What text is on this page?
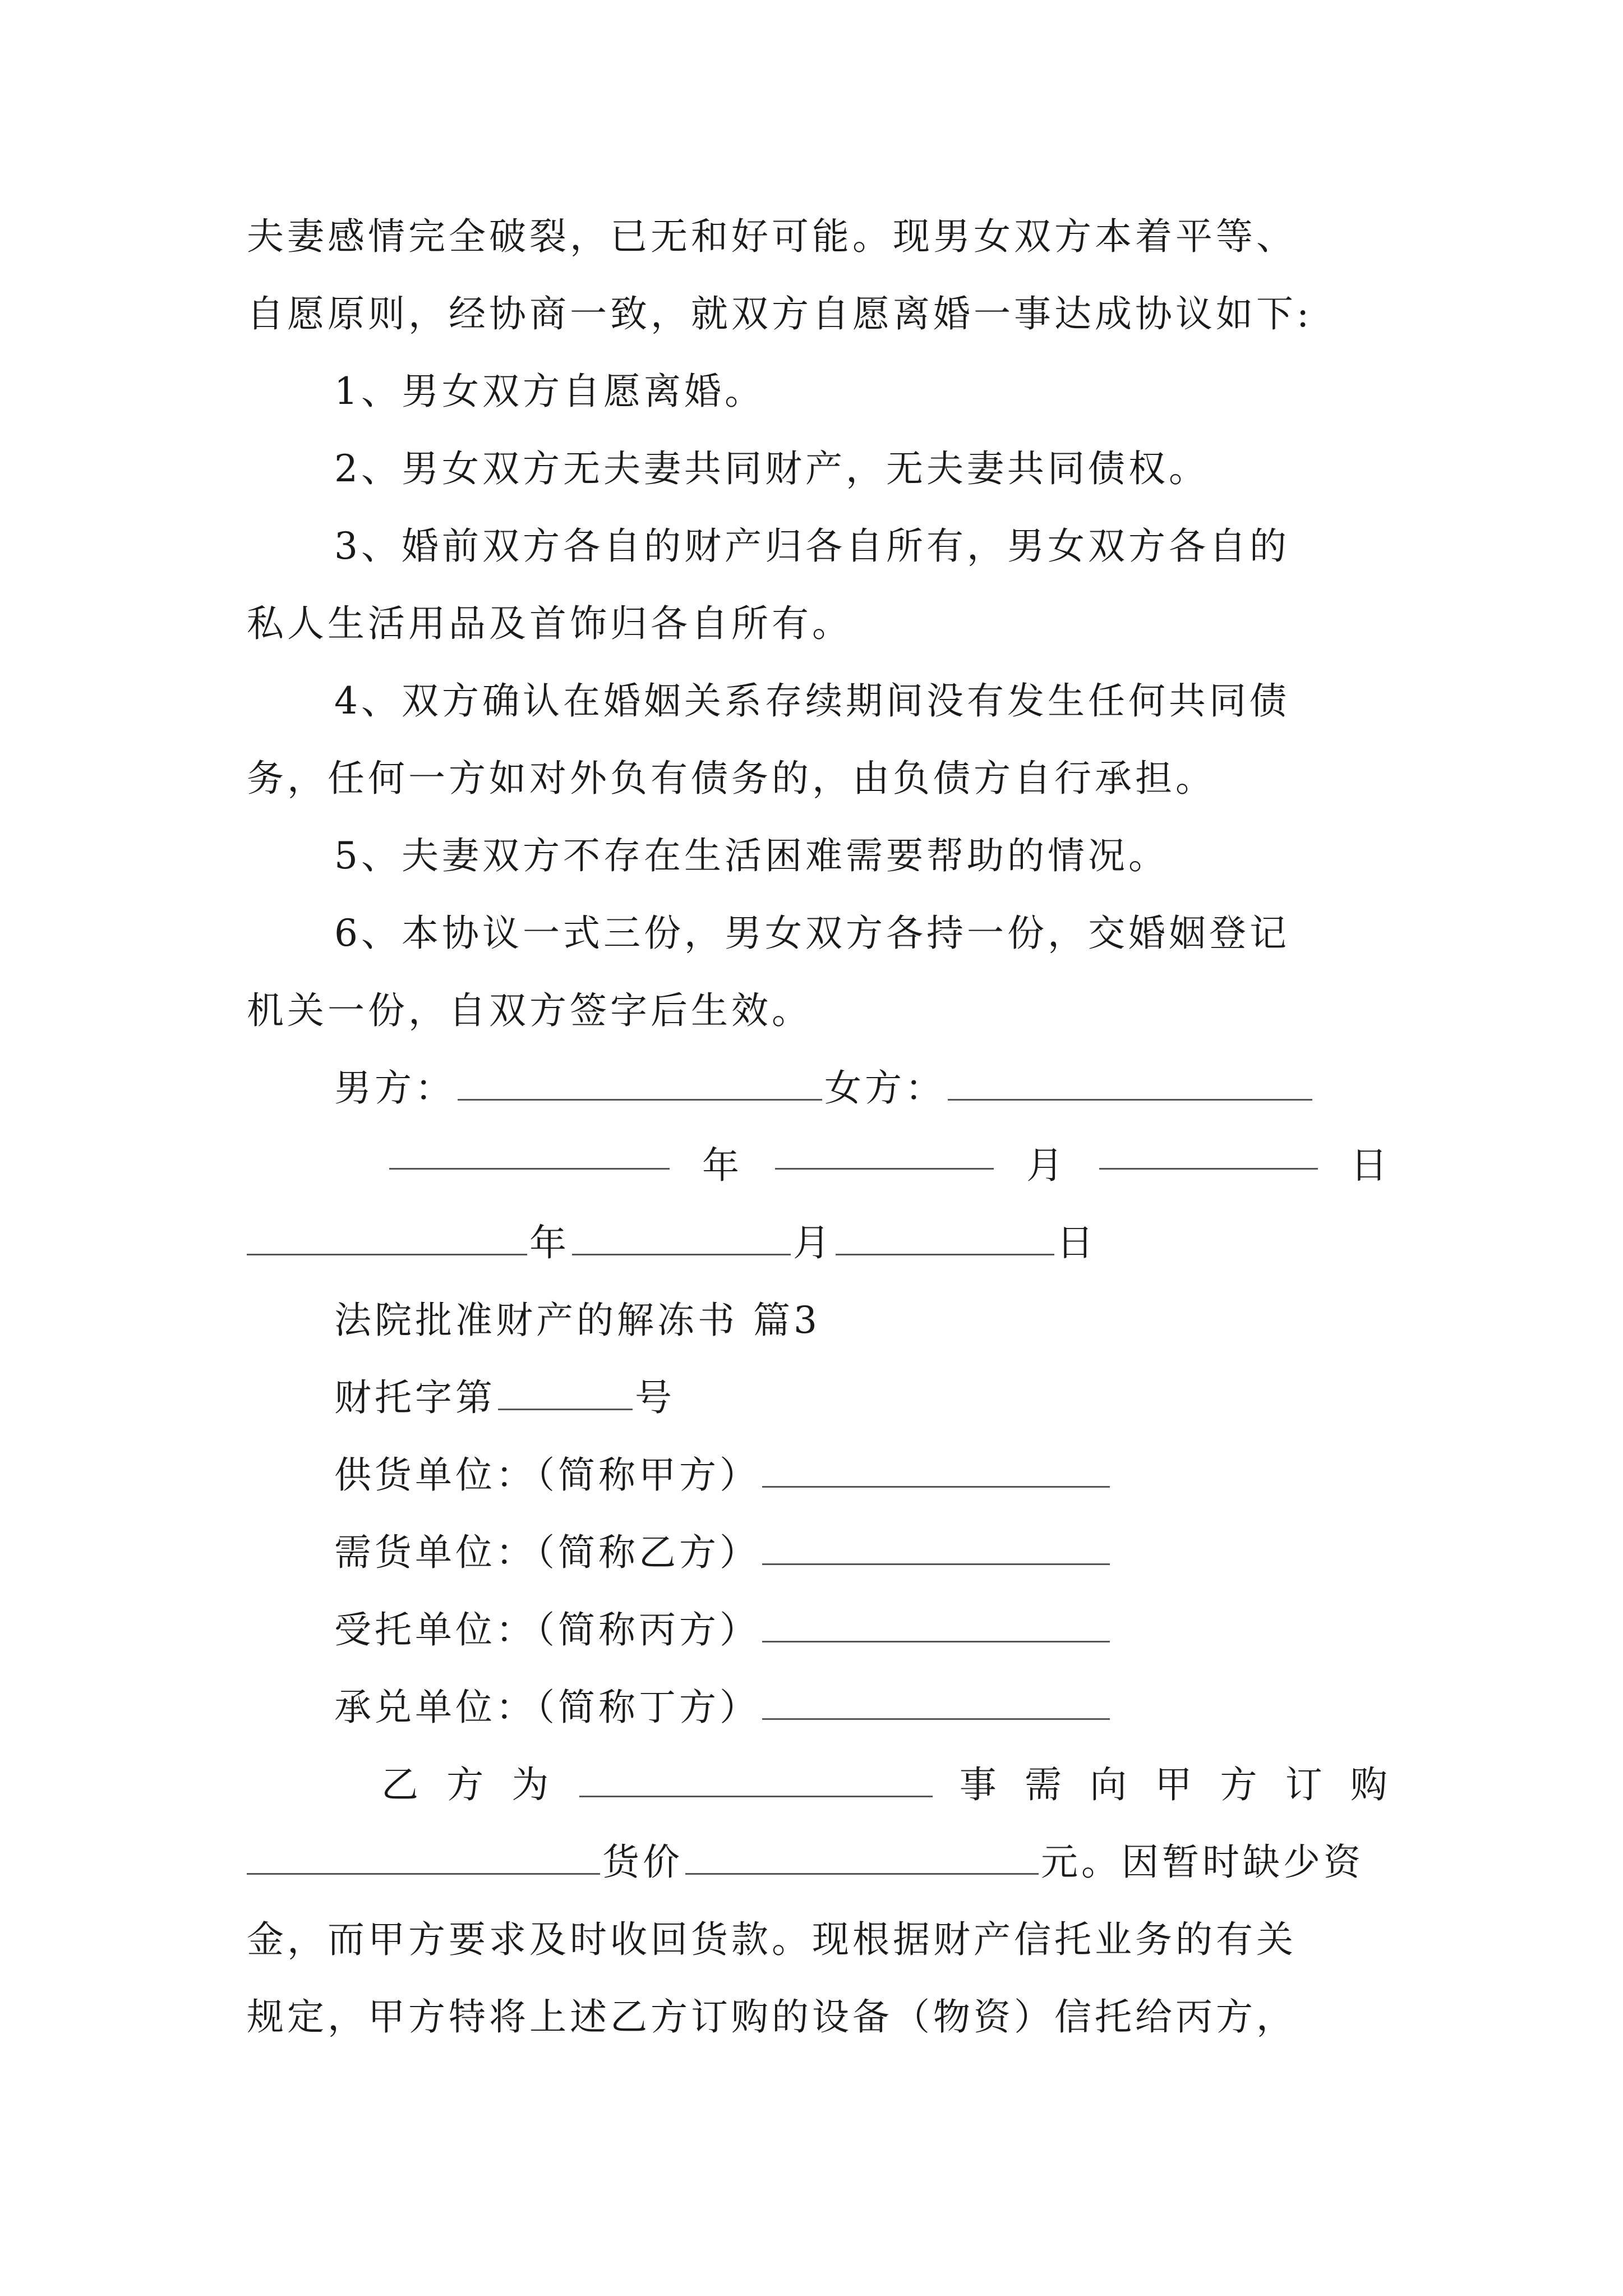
夫妻感情完全破裂，已无和好可能。现男女双方本着平等、
自愿原则，经协商一致，就双方自愿离婚一事达成协议如下:
1、男女双方自愿离婚。
2、男女双方无夫妻共同财产，无夫妻共同债权。
3、婚前双方各自的财产归各自所有，男女双方各自的
私人生活用品及首饰归各自所有。
4、双方确认在婚姻关系存续期间没有发生任何共同债
务，任何一方如对外负有债务的，由负债方自行承担。
5、夫妻双方不存在生活困难需要帮助的情况。
6、本协议一式三份，男女双方各持一份，交婚姻登记
机关一份，自双方签字后生效。
男方：	女方：
年	月	日
年	月	日
法院批准财产的解冻书 篇3
财托字第	号
供货单位：（简称甲方）
需货单位：（简称乙方）
受托单位：（简称丙方）
承兑单位：（简称丁方）
乙 方 为	事 需 向 甲 方 订 购
货价	元。因暂时缺少资
金，而甲方要求及时收回货款。现根据财产信托业务的有关
规定，甲方特将上述乙方订购的设备（物资）信托给丙方，
